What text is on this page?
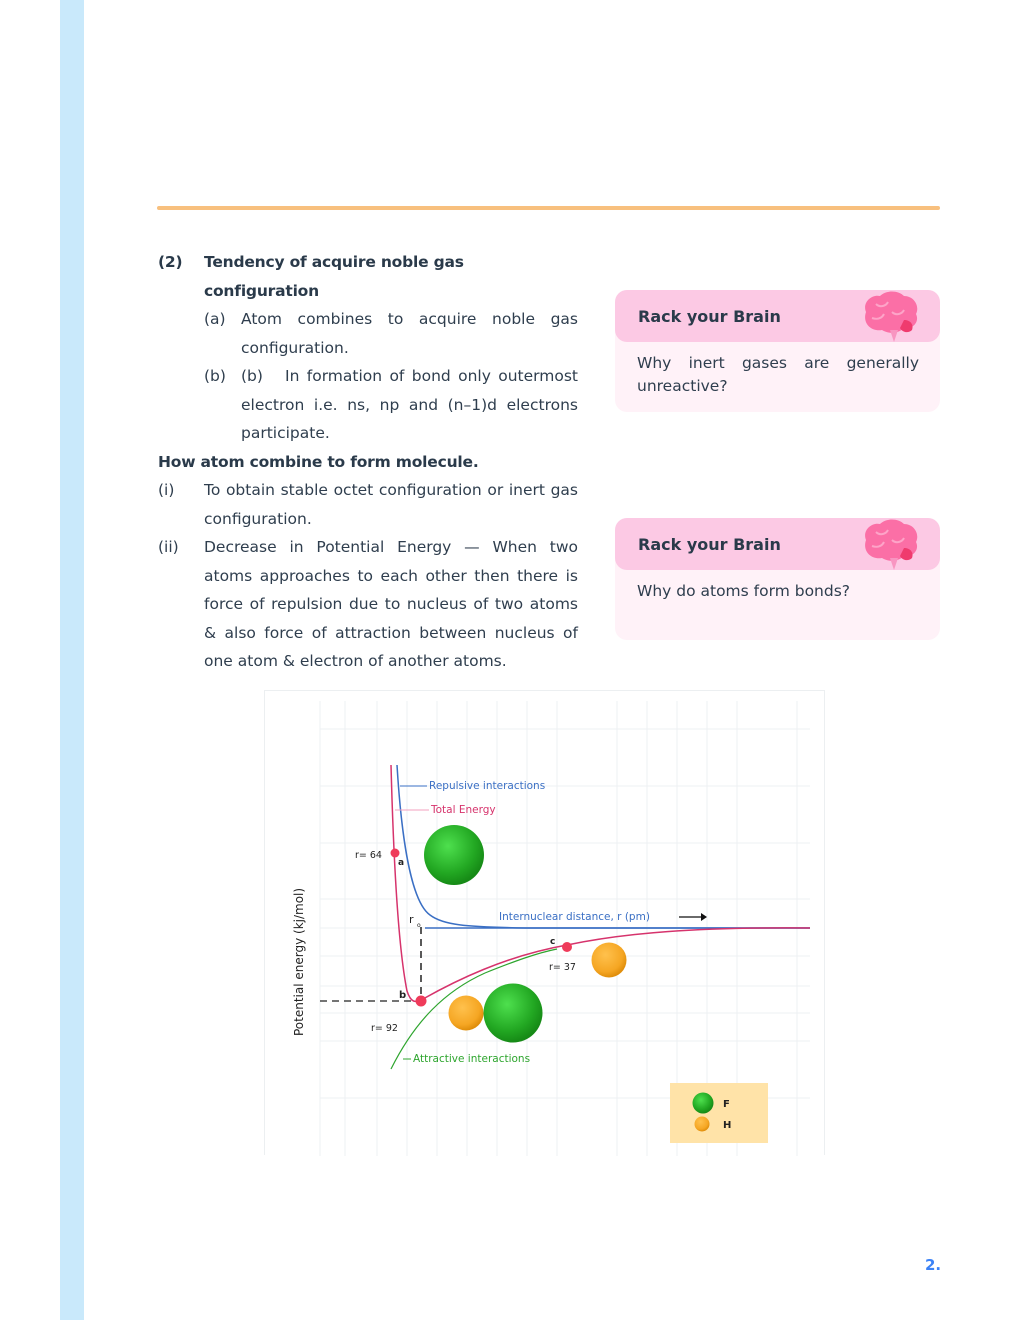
(2)	Tendency of acquire noble gas configuration
(a) Atom combines to acquire noble gas configuration.
(b) (b)   In formation of bond only outermost electron i.e. ns, np and (n–1)d electrons participate.
How atom combine to form molecule.
(i)	To obtain stable octet configuration or inert gas configuration.
(ii)	Decrease in Potential Energy — When two atoms approaches to each other then there is force of repulsion due to nucleus of two atoms & also force of attraction between nucleus of one atom & electron of another atoms.
Rack your Brain
Why inert gases are generally unreactive?
Rack your Brain
Why do atoms form bonds?
Repulsive interactions
Total Energy
Attractive interactions
Internuclear distance, r (pm)
Potential energy (kj/mol)	r o
a
b
c
r= 64
r= 92
r= 37
F
H
2.
